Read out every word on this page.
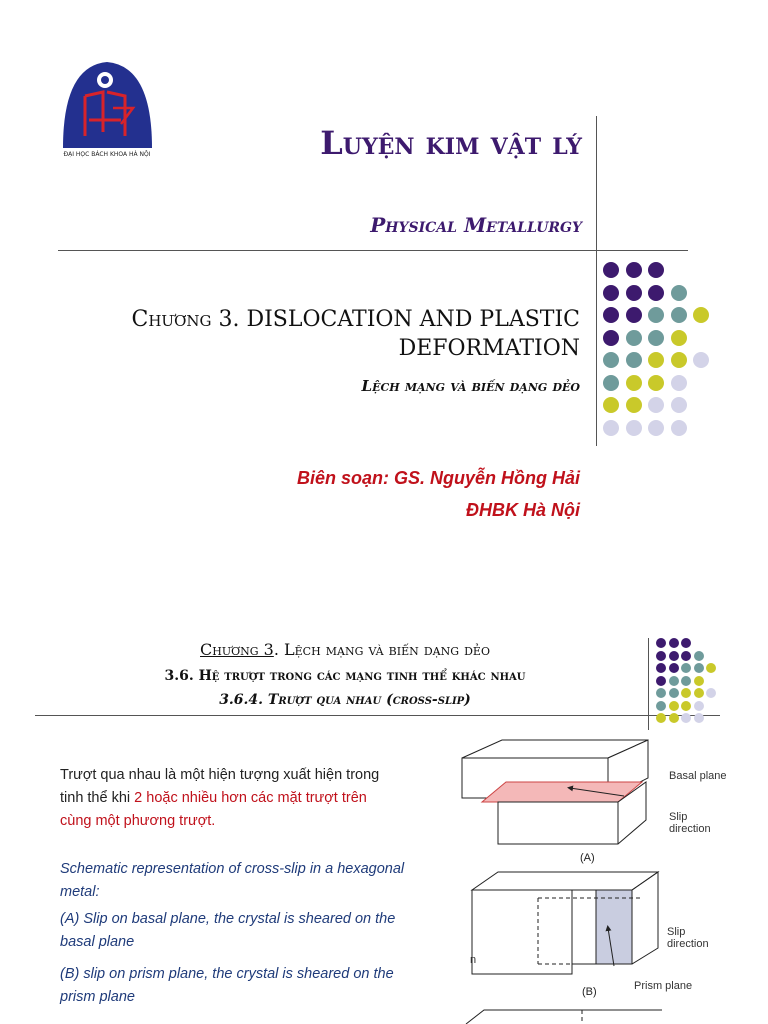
ĐẠI HỌC BÁCH KHOA HÀ NỘI	Luyện kim vật lý
Physical Metallurgy
Chương 3. DISLOCATION AND PLASTIC
DEFORMATION
Lệch mạng và biến dạng dẻo
Biên soạn: GS. Nguyễn Hồng Hải
ĐHBK Hà Nội
Chương 3. Lệch mạng và biến dạng dẻo
3.6. Hệ trượt trong các mạng tinh thể khác nhau
3.6.4. Trượt qua nhau (cross-slip)
Trượt qua nhau là một hiện tượng xuất hiện trong tinh thể khi 2 hoặc nhiều hơn các mặt trượt trên cùng một phương trượt.
Schematic representation of cross-slip in a hexagonal metal:
(A) Slip on basal plane, the crystal is sheared on the basal plane
(B) slip on prism plane, the crystal is sheared on the prism plane
Basal plane
Slip direction
(A)
Slip direction
Prism plane
n
(B)
